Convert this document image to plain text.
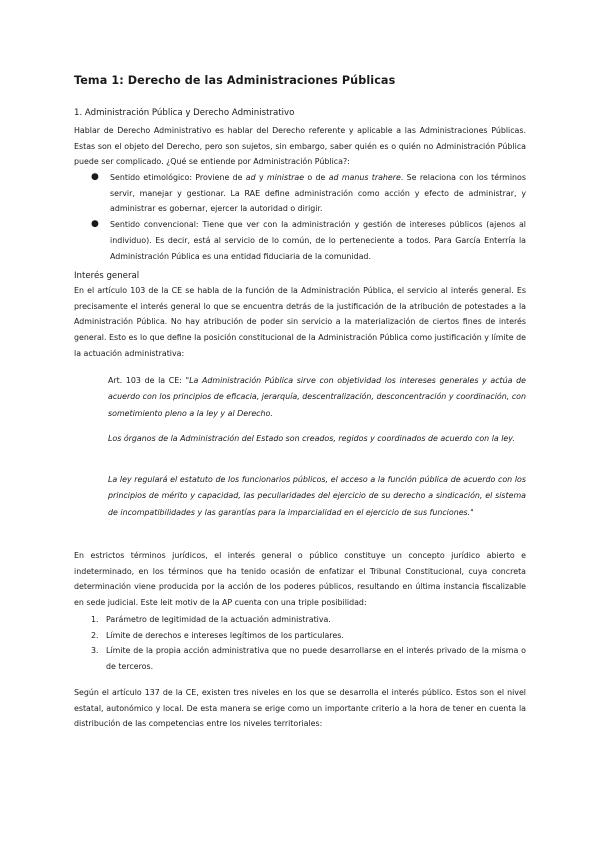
Tema 1: Derecho de las Administraciones Públicas
1. Administración Pública y Derecho Administrativo

Hablar de Derecho Administrativo es hablar del Derecho referente y aplicable a las Administraciones Públicas. Estas son el objeto del Derecho, pero son sujetos, sin embargo, saber quién es o quién no Administración Pública puede ser complicado. ¿Qué se entiende por Administración Pública?:

● Sentido etimológico: Proviene de ad y ministrae o de ad manus trahere. Se relaciona con los términos servir, manejar y gestionar. La RAE define administración como acción y efecto de administrar, y administrar es gobernar, ejercer la autoridad o dirigir.
● Sentido convencional: Tiene que ver con la administración y gestión de intereses públicos (ajenos al individuo). Es decir, está al servicio de lo común, de lo perteneciente a todos. Para García Enterría la Administración Pública es una entidad fiduciaria de la comunidad.
Interés general

En el artículo 103 de la CE se habla de la función de la Administración Pública, el servicio al interés general. Es precisamente el interés general lo que se encuentra detrás de la justificación de la atribución de potestades a la Administración Pública. No hay atribución de poder sin servicio a la materialización de ciertos fines de interés general. Esto es lo que define la posición constitucional de la Administración Pública como justificación y límite de la actuación administrativa:

Art. 103 de la CE: "La Administración Pública sirve con objetividad los intereses generales y actúa de acuerdo con los principios de eficacia, jerarquía, descentralización, desconcentración y coordinación, con sometimiento pleno a la ley y al Derecho.

Los órganos de la Administración del Estado son creados, regidos y coordinados de acuerdo con la ley.

La ley regulará el estatuto de los funcionarios públicos, el acceso a la función pública de acuerdo con los principios de mérito y capacidad, las peculiaridades del ejercicio de su derecho a sindicación, el sistema de incompatibilidades y las garantías para la imparcialidad en el ejercicio de sus funciones."

En estrictos términos jurídicos, el interés general o público constituye un concepto jurídico abierto e indeterminado, en los términos que ha tenido ocasión de enfatizar el Tribunal Constitucional, cuya concreta determinación viene producida por la acción de los poderes públicos, resultando en última instancia fiscalizable en sede judicial. Este leit motiv de la AP cuenta con una triple posibilidad:

1. Parámetro de legitimidad de la actuación administrativa.
2. Límite de derechos e intereses legítimos de los particulares.
3. Límite de la propia acción administrativa que no puede desarrollarse en el interés privado de la misma o de terceros.

Según el artículo 137 de la CE, existen tres niveles en los que se desarrolla el interés público. Estos son el nivel estatal, autonómico y local. De esta manera se erige como un importante criterio a la hora de tener en cuenta la distribución de las competencias entre los niveles territoriales:
